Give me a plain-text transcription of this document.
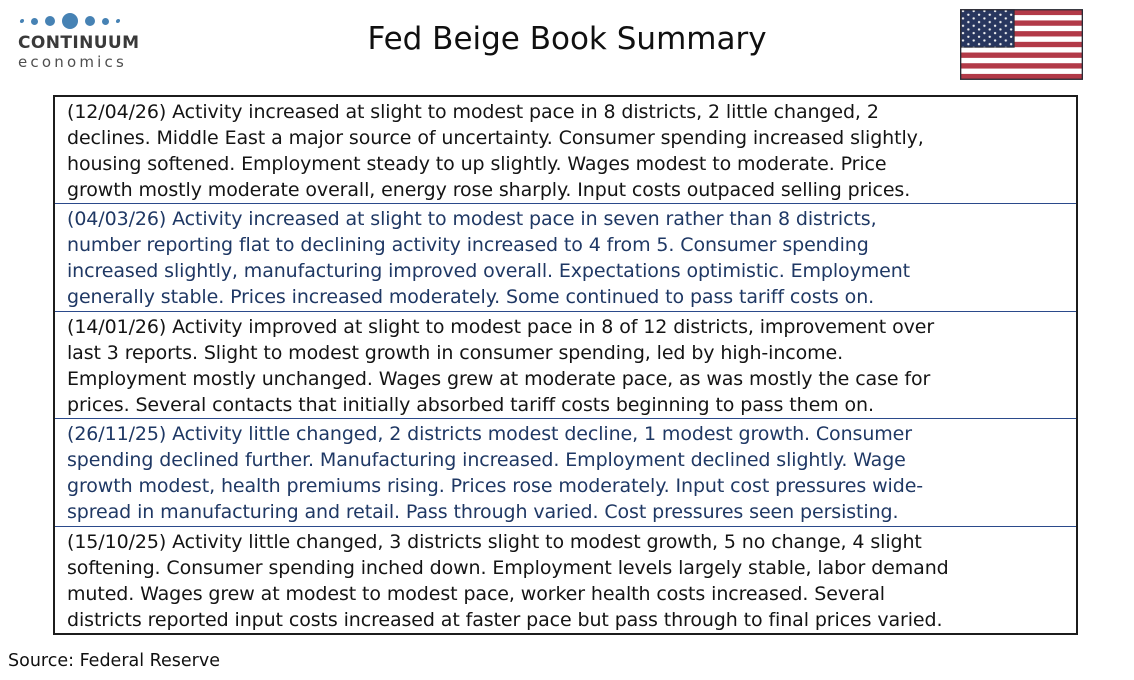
CONTINUUM
economics
Fed Beige Book Summary
(12/04/26) Activity increased at slight to modest pace in 8 districts, 2 little changed, 2
declines. Middle East a major source of uncertainty. Consumer spending increased slightly,
housing softened. Employment steady to up slightly. Wages modest to moderate. Price
growth mostly moderate overall, energy rose sharply. Input costs outpaced selling prices.
(04/03/26) Activity increased at slight to modest pace in seven rather than 8 districts,
number reporting flat to declining activity increased to 4 from 5. Consumer spending
increased slightly, manufacturing improved overall. Expectations optimistic. Employment
generally stable. Prices increased moderately. Some continued to pass tariff costs on.
(14/01/26) Activity improved at slight to modest pace in 8 of 12 districts, improvement over
last 3 reports. Slight to modest growth in consumer spending, led by high-income.
Employment mostly unchanged. Wages grew at moderate pace, as was mostly the case for
prices. Several contacts that initially absorbed tariff costs beginning to pass them on.
(26/11/25) Activity little changed, 2 districts modest decline, 1 modest growth. Consumer
spending declined further. Manufacturing increased. Employment declined slightly. Wage
growth modest, health premiums rising. Prices rose moderately. Input cost pressures wide-
spread in manufacturing and retail. Pass through varied. Cost pressures seen persisting.
(15/10/25) Activity little changed, 3 districts slight to modest growth, 5 no change, 4 slight
softening. Consumer spending inched down. Employment levels largely stable, labor demand
muted. Wages grew at modest to modest pace, worker health costs increased. Several
districts reported input costs increased at faster pace but pass through to final prices varied.
Source: Federal Reserve
